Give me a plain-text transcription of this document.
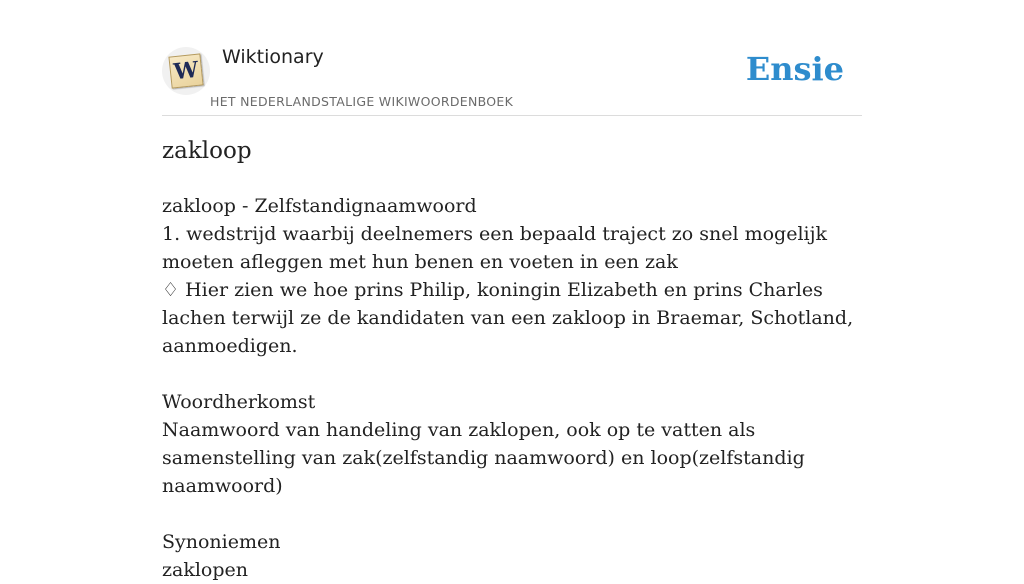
W Wiktionary
HET NEDERLANDSTALIGE WIKIWOORDENBOEK
Ensie
zakloop

zakloop - Zelfstandignaamwoord

1. wedstrijd waarbij deelnemers een bepaald traject zo snel mogelijk moeten afleggen met hun benen en voeten in een zak

♢ Hier zien we hoe prins Philip, koningin Elizabeth en prins Charles lachen terwijl ze de kandidaten van een zakloop in Braemar, Schotland, aanmoedigen.

Woordherkomst

Naamwoord van handeling van zaklopen, ook op te vatten als samenstelling van zak(zelfstandig naamwoord) en loop(zelfstandig naamwoord)

Synoniemen

zaklopen
